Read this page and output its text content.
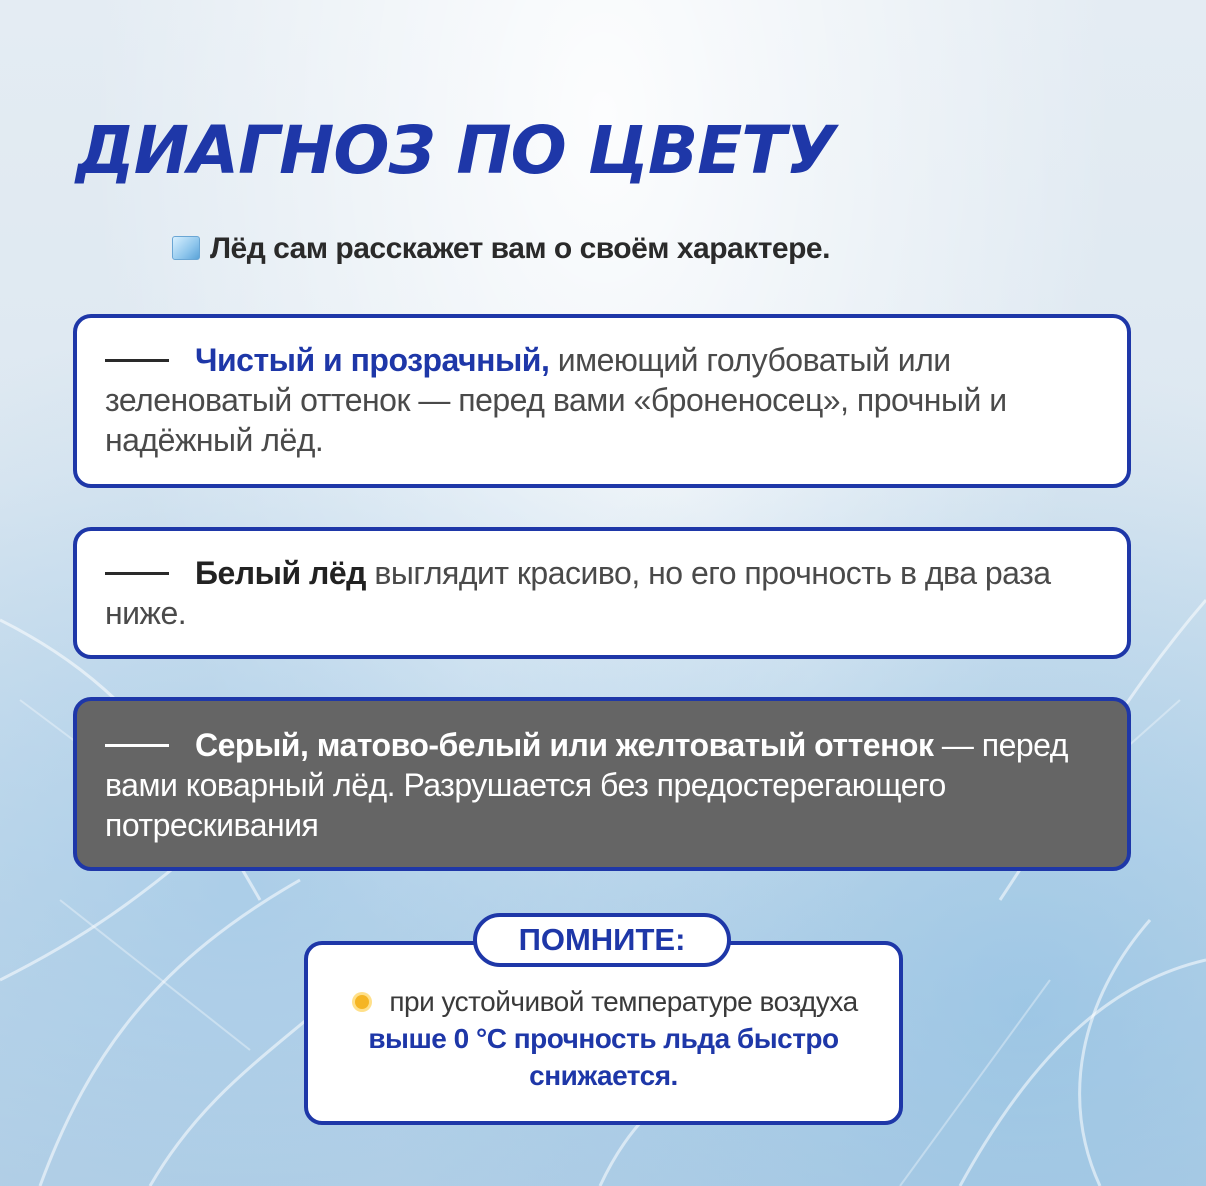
ДИАГНОЗ ПО ЦВЕТУ
Лёд сам расскажет вам о своём характере.
Чистый и прозрачный, имеющий голубоватый или зеленоватый оттенок — перед вами «броненосец», прочный и надёжный лёд.
Белый лёд выглядит красиво, но его прочность в два раза ниже.
Серый, матово-белый или желтоватый оттенок — перед вами коварный лёд. Разрушается без предостерегающего потрескивания
при устойчивой температуре воздуха выше 0 °C прочность льда быстро снижается.
ПОМНИТЕ:
